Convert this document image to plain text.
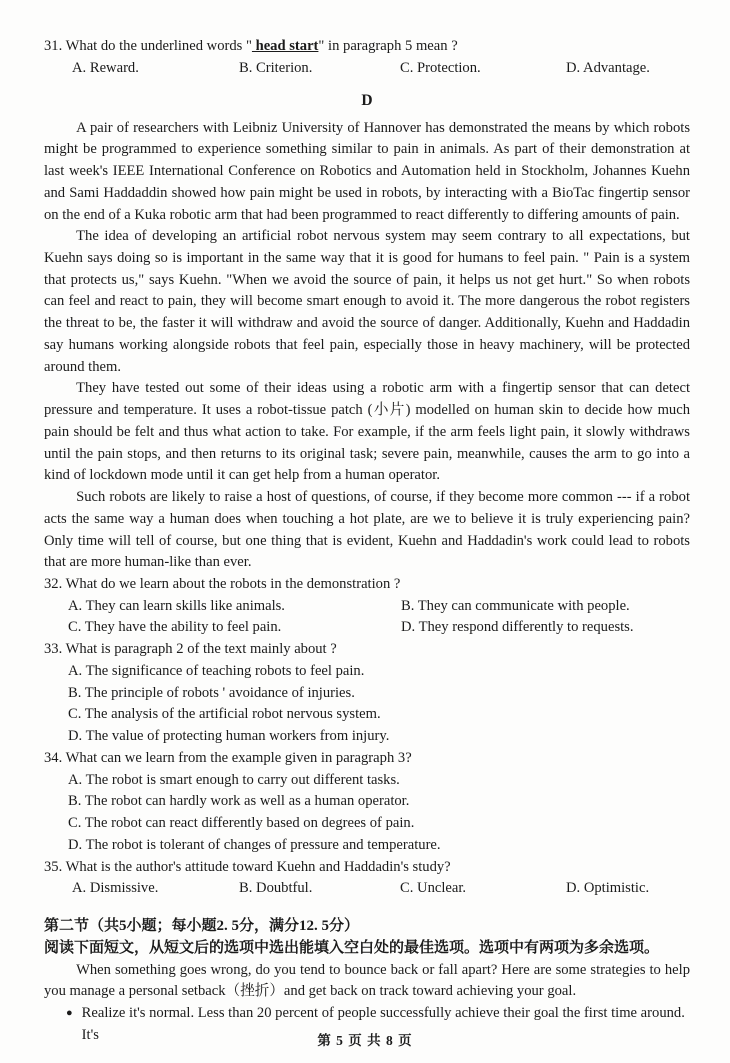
31. What do the underlined words " head start" in paragraph 5 mean ?

A. Reward.	B. Criterion.	C. Protection.	D. Advantage.

D

A pair of researchers with Leibniz University of Hannover has demonstrated the means by which robots might be programmed to experience something similar to pain in animals. As part of their demonstration at last week's IEEE International Conference on Robotics and Automation held in Stockholm, Johannes Kuehn and Sami Haddaddin showed how pain might be used in robots, by interacting with a BioTac fingertip sensor on the end of a Kuka robotic arm that had been programmed to react differently to differing amounts of pain.

The idea of developing an artificial robot nervous system may seem contrary to all expectations, but Kuehn says doing so is important in the same way that it is good for humans to feel pain. " Pain is a system that protects us," says Kuehn. "When we avoid the source of pain, it helps us not get hurt." So when robots can feel and react to pain, they will become smart enough to avoid it. The more dangerous the robot registers the threat to be, the faster it will withdraw and avoid the source of danger. Additionally, Kuehn and Haddadin say humans working alongside robots that feel pain, especially those in heavy machinery, will be protected around them.

They have tested out some of their ideas using a robotic arm with a fingertip sensor that can detect pressure and temperature. It uses a robot-tissue patch (小片) modelled on human skin to decide how much pain should be felt and thus what action to take. For example, if the arm feels light pain, it slowly withdraws until the pain stops, and then returns to its original task; severe pain, meanwhile, causes the arm to go into a kind of lockdown mode until it can get help from a human operator.

Such robots are likely to raise a host of questions, of course, if they become more common --- if a robot acts the same way a human does when touching a hot plate, are we to believe it is truly experiencing pain? Only time will tell of course, but one thing that is evident, Kuehn and Haddadin's work could lead to robots that are more human-like than ever.

32. What do we learn about the robots in the demonstration ?

A. They can learn skills like animals.	B. They can communicate with people.
C. They have the ability to feel pain.	D. They respond differently to requests.

33. What is paragraph 2 of the text mainly about ?

A. The significance of teaching robots to feel pain.
B. The principle of robots ' avoidance of injuries.
C. The analysis of the artificial robot nervous system.
D. The value of protecting human workers from injury.

34. What can we learn from the example given in paragraph 3?

A. The robot is smart enough to carry out different tasks.
B. The robot can hardly work as well as a human operator.
C. The robot can react differently based on degrees of pain.
D. The robot is tolerant of changes of pressure and temperature.

35. What is the author's attitude toward Kuehn and Haddadin's study?

A. Dismissive.	B. Doubtful.	C. Unclear.	D. Optimistic.

第二节（共5小题；每小题2. 5分，满分12. 5分）

阅读下面短文，从短文后的选项中选出能填入空白处的最佳选项。选项中有两项为多余选项。

When something goes wrong, do you tend to bounce back or fall apart? Here are some strategies to help you manage a personal setback（挫折）and get back on track toward achieving your goal.

● Realize it's normal. Less than 20 percent of people successfully achieve their goal the first time around. It's	第 5 页 共 8 页
